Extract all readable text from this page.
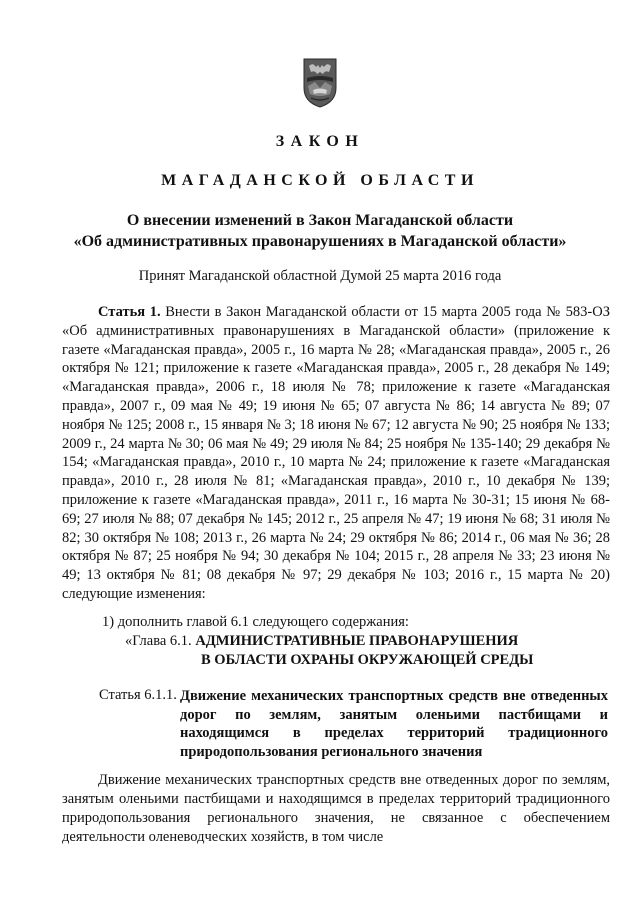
ЗАКОН
МАГАДАНСКОЙ ОБЛАСТИ
О внесении изменений в Закон Магаданской области
«Об административных правонарушениях в Магаданской области»
Принят Магаданской областной Думой 25 марта 2016 года

Статья 1. Внести в Закон Магаданской области от 15 марта 2005 года № 583-ОЗ «Об административных правонарушениях в Магаданской области» (приложение к газете «Магаданская правда», 2005 г., 16 марта № 28; «Магаданская правда», 2005 г., 26 октября № 121; приложение к газете «Магаданская правда», 2005 г., 28 декабря № 149; «Магаданская правда», 2006 г., 18 июля № 78; приложение к газете «Магаданская правда», 2007 г., 09 мая № 49; 19 июня № 65; 07 августа № 86; 14 августа № 89; 07 ноября № 125; 2008 г., 15 января № 3; 18 июня № 67; 12 августа № 90; 25 ноября № 133; 2009 г., 24 марта № 30; 06 мая № 49; 29 июля № 84; 25 ноября № 135-140; 29 декабря № 154; «Магаданская правда», 2010 г., 10 марта № 24; приложение к газете «Магаданская правда», 2010 г., 28 июля № 81; «Магаданская правда», 2010 г., 10 декабря № 139; приложение к газете «Магаданская правда», 2011 г., 16 марта № 30-31; 15 июня № 68-69; 27 июля № 88; 07 декабря № 145; 2012 г., 25 апреля № 47; 19 июня № 68; 31 июля № 82; 30 октября № 108; 2013 г., 26 марта № 24; 29 октября № 86; 2014 г., 06 мая № 36; 28 октября № 87; 25 ноября № 94; 30 декабря № 104; 2015 г., 28 апреля № 33; 23 июня № 49; 13 октября № 81; 08 декабря № 97; 29 декабря № 103; 2016 г., 15 марта № 20) следующие изменения:

1) дополнить главой 6.1 следующего содержания:
«Глава 6.1. АДМИНИСТРАТИВНЫЕ ПРАВОНАРУШЕНИЯ
В ОБЛАСТИ ОХРАНЫ ОКРУЖАЮЩЕЙ СРЕДЫ
Статья 6.1.1. Движение механических транспортных средств вне отведенных дорог по землям, занятым оленьими пастбищами и находящимся в пределах территорий традиционного природопользования регионального значения

Движение механических транспортных средств вне отведенных дорог по землям, занятым оленьими пастбищами и находящимся в пределах территорий традиционного природопользования регионального значения, не связанное с обеспечением деятельности оленеводческих хозяйств, в том числе
